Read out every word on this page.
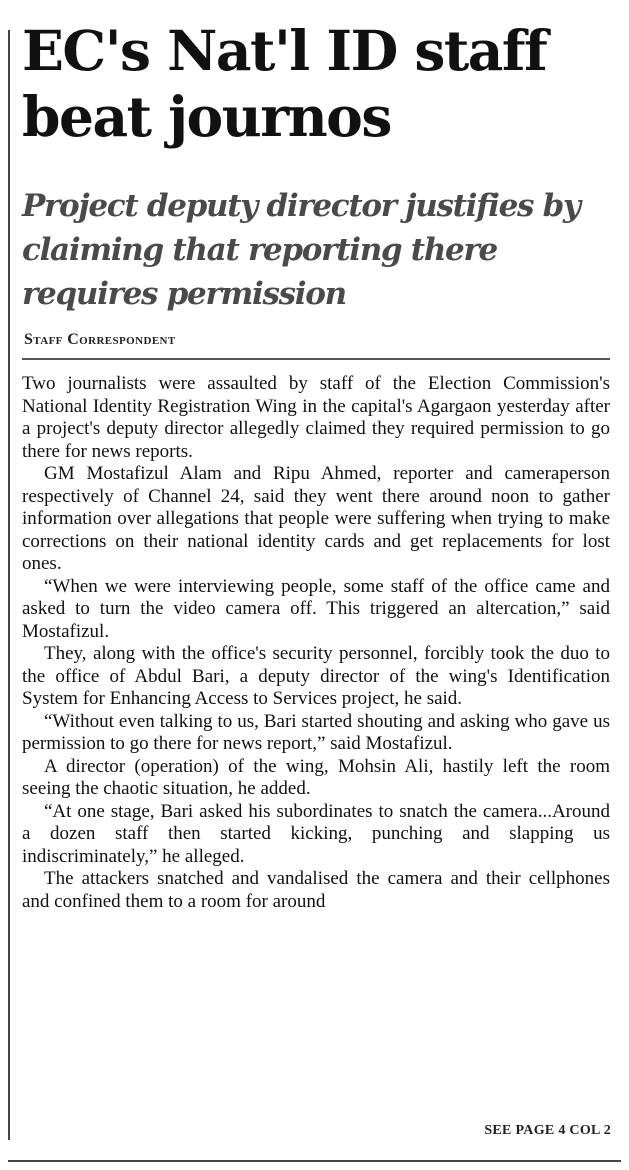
EC's Nat'l ID staff beat journos
Project deputy director justifies by claiming that reporting there requires permission
Staff Correspondent

Two journalists were assaulted by staff of the Election Commission's National Identity Registration Wing in the capital's Agargaon yesterday after a project's deputy director allegedly claimed they required permission to go there for news reports.

GM Mostafizul Alam and Ripu Ahmed, reporter and cameraperson respectively of Channel 24, said they went there around noon to gather information over allegations that people were suffering when trying to make corrections on their national identity cards and get replacements for lost ones.

“When we were interviewing people, some staff of the office came and asked to turn the video camera off. This triggered an altercation,” said Mostafizul.

They, along with the office's security personnel, forcibly took the duo to the office of Abdul Bari, a deputy director of the wing's Identification System for Enhancing Access to Services project, he said.

“Without even talking to us, Bari started shouting and asking who gave us permission to go there for news report,” said Mostafizul.

A director (operation) of the wing, Mohsin Ali, hastily left the room seeing the chaotic situation, he added.

“At one stage, Bari asked his subordinates to snatch the camera...Around a dozen staff then started kicking, punching and slapping us indiscriminately,” he alleged.

The attackers snatched and vandalised the camera and their cellphones and confined them to a room for around

SEE PAGE 4 COL 2
